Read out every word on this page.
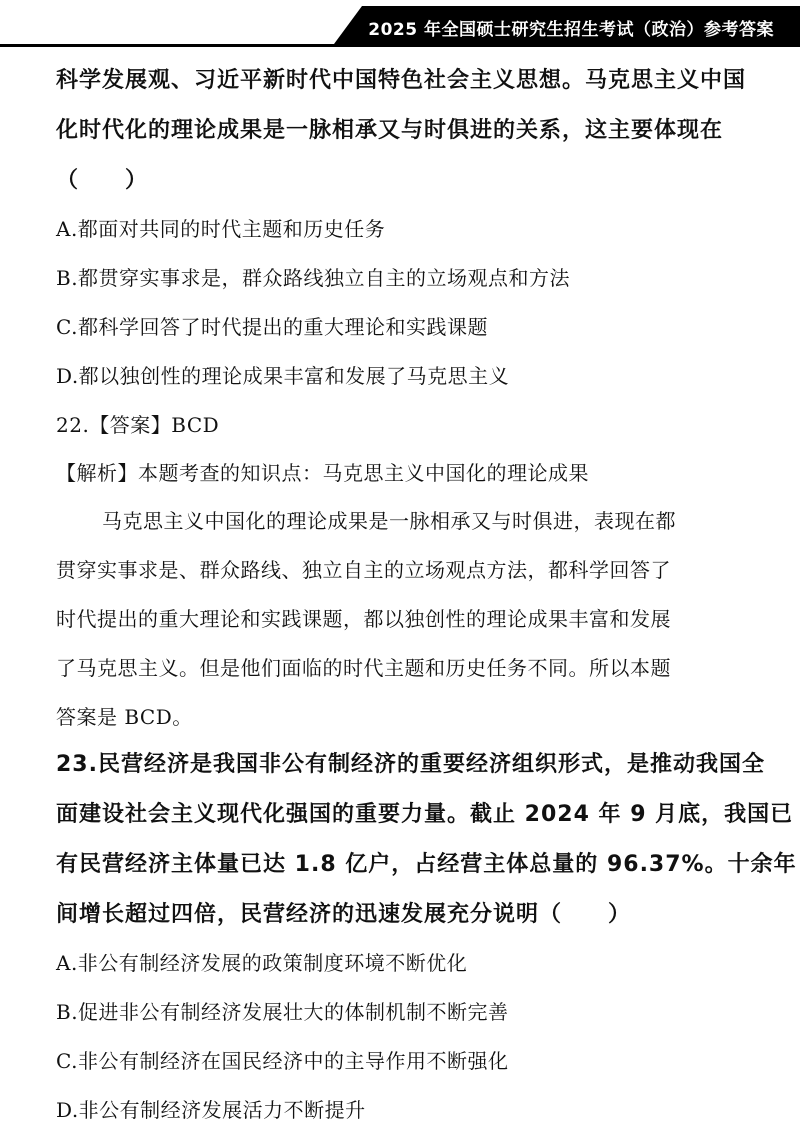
2025 年全国硕士研究生招生考试（政治）参考答案
科学发展观、习近平新时代中国特色社会主义思想。马克思主义中国
化时代化的理论成果是一脉相承又与时俱进的关系，这主要体现在
（　　）
A.都面对共同的时代主题和历史任务
B.都贯穿实事求是，群众路线独立自主的立场观点和方法
C.都科学回答了时代提出的重大理论和实践课题
D.都以独创性的理论成果丰富和发展了马克思主义
22.【答案】BCD
【解析】本题考查的知识点：马克思主义中国化的理论成果
马克思主义中国化的理论成果是一脉相承又与时俱进，表现在都
贯穿实事求是、群众路线、独立自主的立场观点方法，都科学回答了
时代提出的重大理论和实践课题，都以独创性的理论成果丰富和发展
了马克思主义。但是他们面临的时代主题和历史任务不同。所以本题
答案是 BCD。
23.民营经济是我国非公有制经济的重要经济组织形式，是推动我国全
面建设社会主义现代化强国的重要力量。截止 2024 年 9 月底，我国已
有民营经济主体量已达 1.8 亿户，占经营主体总量的 96.37%。十余年
间增长超过四倍，民营经济的迅速发展充分说明（　　）
A.非公有制经济发展的政策制度环境不断优化
B.促进非公有制经济发展壮大的体制机制不断完善
C.非公有制经济在国民经济中的主导作用不断强化
D.非公有制经济发展活力不断提升
